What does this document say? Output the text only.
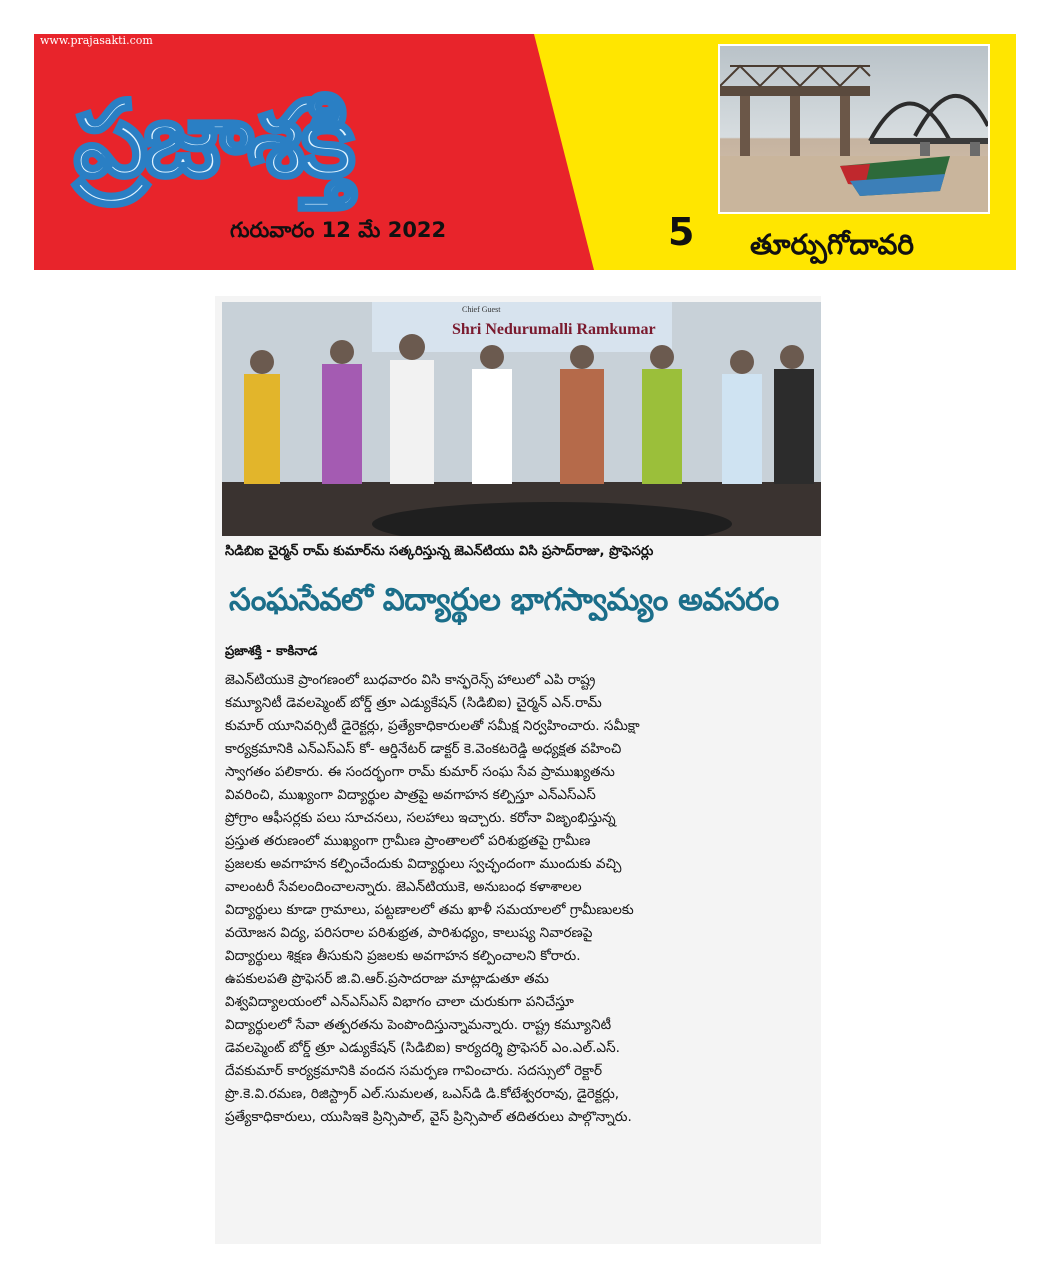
www.prajasakti.com
ప్రజాశక్తి
గురువారం 12 మే 2022	5	తూర్పుగోదావరి
Chief Guest
Shri Nedurumalli Ramkumar
సిడిబిఐ చైర్మన్ రామ్ కుమార్‌ను సత్కరిస్తున్న జెఎన్‌టియు విసి ప్రసాద్‌రాజు, ప్రొఫెసర్లు
సంఘసేవలో విద్యార్థుల భాగస్వామ్యం అవసరం
ప్రజాశక్తి - కాకినాడ
జెఎన్‌టియుకె ప్రాంగణంలో బుధవారం విసి కాన్ఫరెన్స్ హాలులో ఎపి రాష్ట్ర
కమ్యూనిటీ డెవలప్మెంట్ బోర్డ్ త్రూ ఎడ్యుకేషన్ (సిడిబిఐ) చైర్మన్ ఎన్.రామ్
కుమార్ యూనివర్సిటీ డైరెక్టర్లు, ప్రత్యేకాధికారులతో సమీక్ష నిర్వహించారు. సమీక్షా
కార్యక్రమానికి ఎన్‌ఎస్‌ఎస్ కో- ఆర్డినేటర్ డాక్టర్ కె.వెంకటరెడ్డి అధ్యక్షత వహించి
స్వాగతం పలికారు. ఈ సందర్భంగా రామ్ కుమార్ సంఘ సేవ ప్రాముఖ్యతను
వివరించి, ముఖ్యంగా విద్యార్థుల పాత్రపై అవగాహన కల్పిస్తూ ఎన్‌ఎస్‌ఎస్
ప్రోగ్రాం ఆఫీసర్లకు పలు సూచనలు, సలహాలు ఇచ్చారు. కరోనా విజృంభిస్తున్న
ప్రస్తుత తరుణంలో ముఖ్యంగా గ్రామీణ ప్రాంతాలలో పరిశుభ్రతపై గ్రామీణ
ప్రజలకు అవగాహన కల్పించేందుకు విద్యార్థులు స్వచ్ఛందంగా ముందుకు వచ్చి
వాలంటరీ సేవలందించాలన్నారు. జెఎన్‌టియుకె, అనుబంధ కళాశాలల
విద్యార్థులు కూడా గ్రామాలు, పట్టణాలలో తమ ఖాళీ సమయాలలో గ్రామీణులకు
వయోజన విద్య, పరిసరాల పరిశుభ్రత, పారిశుధ్యం, కాలుష్య నివారణపై
విద్యార్థులు శిక్షణ తీసుకుని ప్రజలకు అవగాహన కల్పించాలని కోరారు.
ఉపకులపతి ప్రొఫెసర్ జి.వి.ఆర్.ప్రసాదరాజు మాట్లాడుతూ తమ
విశ్వవిద్యాలయంలో ఎన్‌ఎస్‌ఎస్ విభాగం చాలా చురుకుగా పనిచేస్తూ
విద్యార్థులలో సేవా తత్పరతను పెంపొందిస్తున్నామన్నారు. రాష్ట్ర కమ్యూనిటీ
డెవలప్మెంట్ బోర్డ్ త్రూ ఎడ్యుకేషన్ (సిడిబిఐ) కార్యదర్శి ప్రొఫెసర్ ఎం.ఎల్.ఎస్.
దేవకుమార్ కార్యక్రమానికి వందన సమర్పణ గావించారు. సదస్సులో రెక్టార్
ప్రొ.కె.వి.రమణ, రిజిస్ట్రార్ ఎల్.సుమలత, ఒఎస్‌డి డి.కోటేశ్వరరావు, డైరెక్టర్లు,
ప్రత్యేకాధికారులు, యుసిఇకె ప్రిన్సిపాల్, వైస్ ప్రిన్సిపాల్ తదితరులు పాల్గొన్నారు.
